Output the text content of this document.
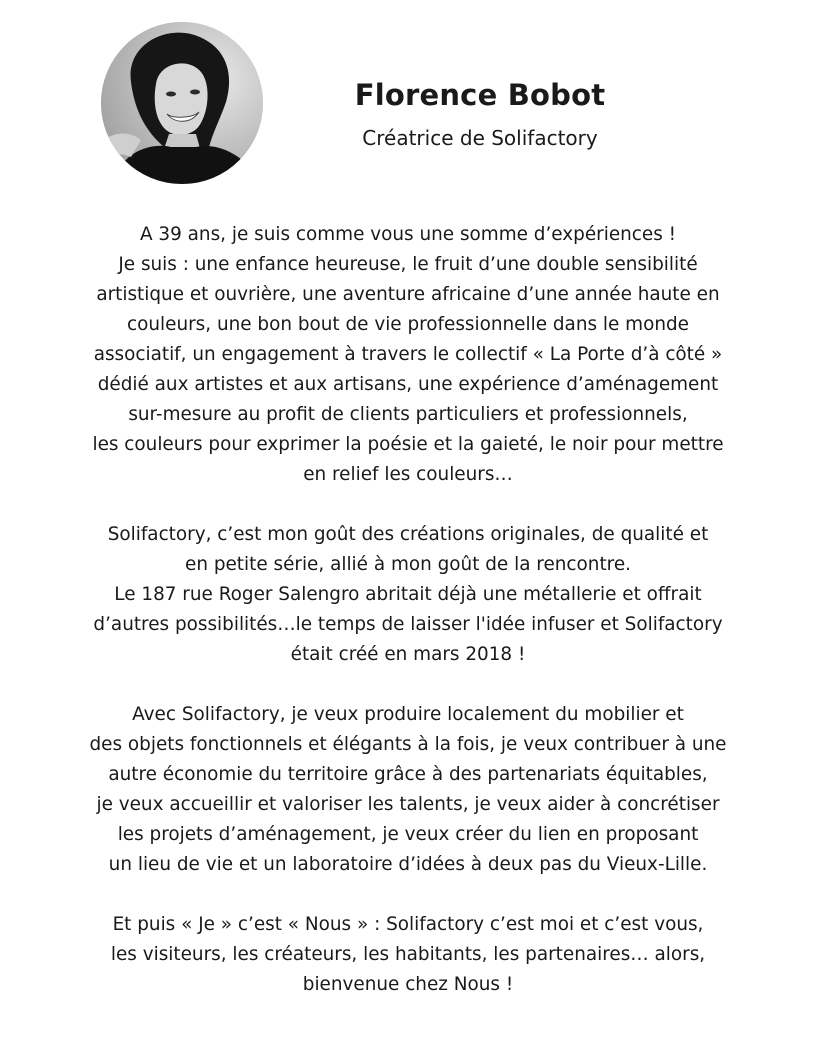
Florence Bobot
Créatrice de Solifactory

A 39 ans, je suis comme vous une somme d’expériences !
Je suis : une enfance heureuse, le fruit d’une double sensibilité
artistique et ouvrière, une aventure africaine d’une année haute en
couleurs, une bon bout de vie professionnelle dans le monde
associatif, un engagement à travers le collectif « La Porte d’à côté »
dédié aux artistes et aux artisans, une expérience d’aménagement
sur-mesure au profit de clients particuliers et professionnels,
les couleurs pour exprimer la poésie et la gaieté, le noir pour mettre
en relief les couleurs…

Solifactory, c’est mon goût des créations originales, de qualité et
en petite série, allié à mon goût de la rencontre.
Le 187 rue Roger Salengro abritait déjà une métallerie et offrait
d’autres possibilités…le temps de laisser l'idée infuser et Solifactory
était créé en mars 2018 !

Avec Solifactory, je veux produire localement du mobilier et
des objets fonctionnels et élégants à la fois, je veux contribuer à une
autre économie du territoire grâce à des partenariats équitables,
je veux accueillir et valoriser les talents, je veux aider à concrétiser
les projets d’aménagement, je veux créer du lien en proposant
un lieu de vie et un laboratoire d’idées à deux pas du Vieux-Lille.

Et puis « Je » c’est « Nous » : Solifactory c’est moi et c’est vous,
les visiteurs, les créateurs, les habitants, les partenaires… alors,
bienvenue chez Nous !
